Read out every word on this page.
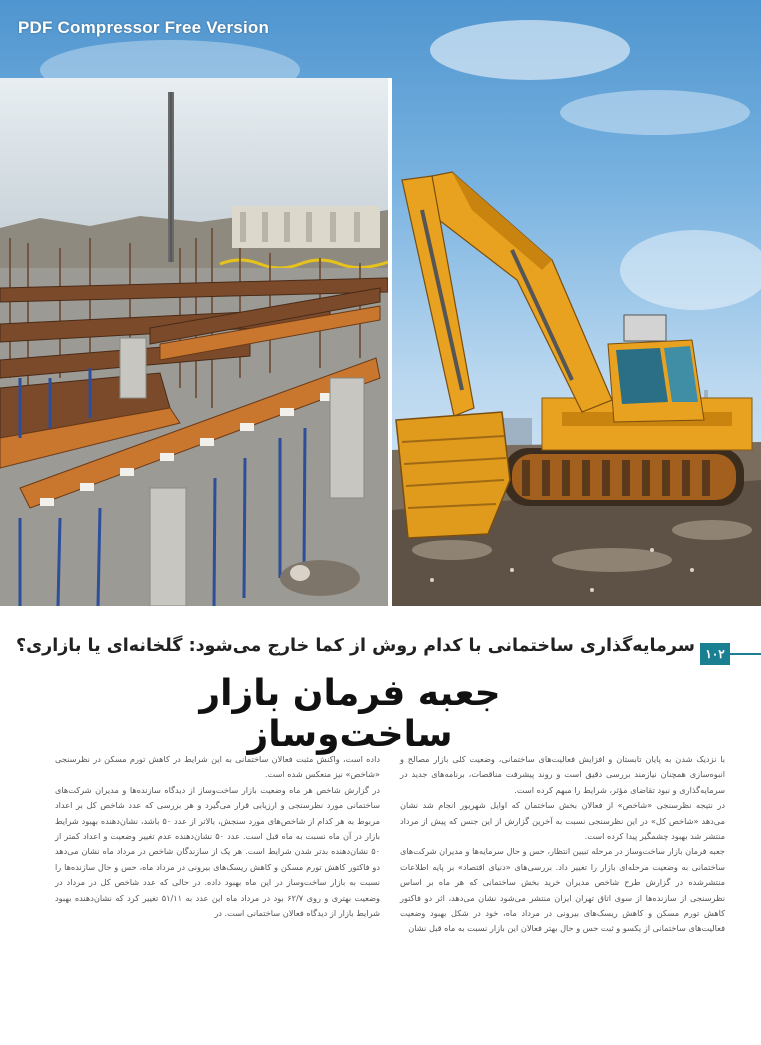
PDF Compressor Free Version
۱۰۲
سرمایه‌گذاری ساختمانی با کدام روش از کما خارج می‌شود: گلخانه‌ای یا بازاری؟
جعبه فرمان بازار ساخت‌وساز

با نزدیک شدن به پایان تابستان و افزایش فعالیت‌های ساختمانی، وضعیت کلی بازار مصالح و انبوه‌سازی همچنان نیازمند بررسی دقیق است و روند پیشرفت مناقصات، برنامه‌های جدید در سرمایه‌گذاری و نبود تقاضای مؤثر، شرایط را مبهم کرده است.

در نتیجه نظرسنجی «شاخص» از فعالان بخش ساختمان که اوایل شهریور انجام شد نشان می‌دهد «شاخص کل» در این نظرسنجی نسبت به آخرین گزارش از این جنس که پیش از مرداد منتشر شد بهبود چشمگیر پیدا کرده است.

جعبه فرمان بازار ساخت‌وساز در مرحله تبیین انتظار، حس و حال سرمایه‌ها و مدیران شرکت‌های ساختمانی به وضعیت مرحله‌ای بازار را تغییر داد. بررسی‌های «دنیای اقتصاد» بر پایه اطلاعات منتشرشده در گزارش طرح شاخص مدیران خرید بخش ساختمانی که هر ماه بر اساس نظرسنجی از سازنده‌ها از سوی اتاق تهران ایران منتشر می‌شود نشان می‌دهد، اثر دو فاکتور کاهش تورم مسکن و کاهش ریسک‌های بیرونی در مرداد ماه، خود در شکل بهبود وضعیت فعالیت‌های ساختمانی از یکسو و ثبت حس و حال بهتر فعالان این بازار نسبت به ماه قبل نشان

داده است، واکنش مثبت فعالان ساختمانی به این شرایط در کاهش تورم مسکن در نظرسنجی «شاخص» نیز منعکس شده است.

در گزارش شاخص هر ماه وضعیت بازار ساخت‌وساز از دیدگاه سازنده‌ها و مدیران شرکت‌های ساختمانی مورد نظرسنجی و ارزیابی قرار می‌گیرد و هر بررسی که عدد شاخص کل بر اعداد مربوط به هر کدام از شاخص‌های مورد سنجش، بالاتر از عدد ۵۰ باشد، نشان‌دهنده بهبود شرایط بازار در آن ماه نسبت به ماه قبل است. عدد ۵۰ نشان‌دهنده عدم تغییر وضعیت و اعداد کمتر از ۵۰ نشان‌دهنده بدتر شدن شرایط است. هر یک از سازندگان شاخص در مرداد ماه نشان می‌دهد دو فاکتور کاهش تورم مسکن و کاهش ریسک‌های بیرونی در مرداد ماه، حس و حال سازنده‌ها را نسبت به بازار ساخت‌وساز در این ماه بهبود داده. در حالی که عدد شاخص کل در مرداد در وضعیت بهتری و روی ۶۲/۷ بود در مرداد ماه این عدد به ۵۱/۱۱ تغییر کرد که نشان‌دهنده بهبود شرایط بازار از دیدگاه فعالان ساختمانی است. در
